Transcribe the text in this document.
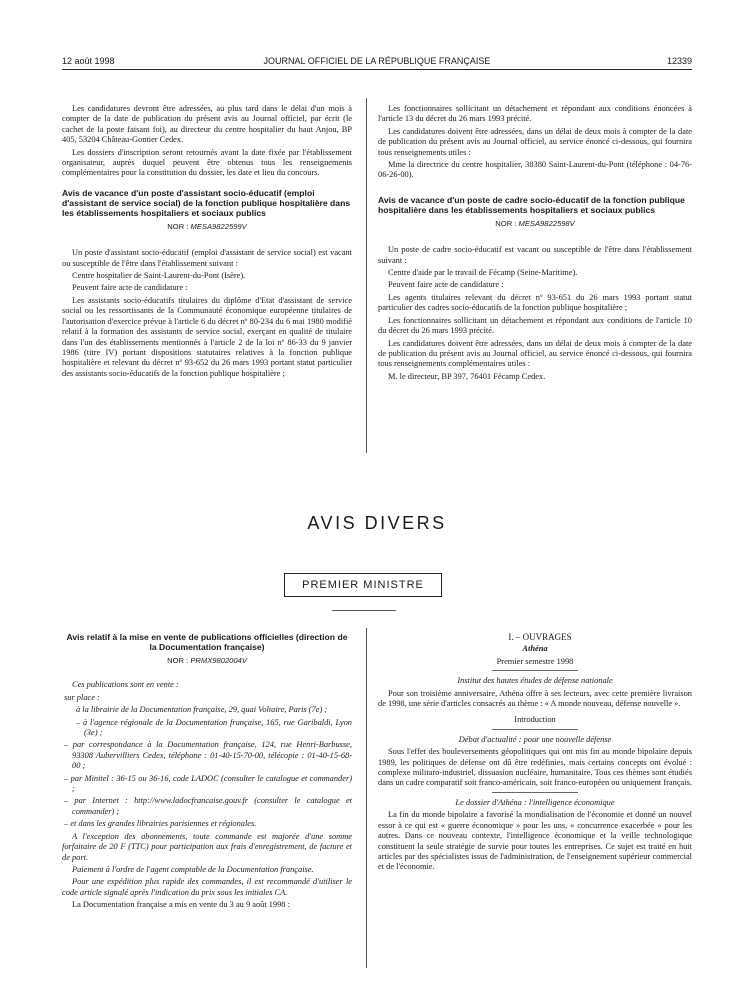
12 août 1998	JOURNAL OFFICIEL DE LA RÉPUBLIQUE FRANÇAISE	12339

Les candidatures devront être adressées, au plus tard dans le délai d'un mois à compter de la date de publication du présent avis au Journal officiel, par écrit (le cachet de la poste faisant foi), au directeur du centre hospitalier du haut Anjou, BP 405, 53204 Château-Gontier Cedex.

Les dossiers d'inscription seront retournés avant la date fixée par l'établissement organisateur, auprès duquel peuvent être obtenus tous les renseignements complémentaires pour la constitution du dossier, les date et lieu du concours.

Avis de vacance d'un poste d'assistant socio-éducatif (emploi d'assistant de service social) de la fonction publique hospitalière dans les établissements hospitaliers et sociaux publics
NOR : MESA9822599V

Un poste d'assistant socio-éducatif (emploi d'assistant de service social) est vacant ou susceptible de l'être dans l'établissement suivant :

Centre hospitalier de Saint-Laurent-du-Pont (Isère).

Peuvent faire acte de candidature :

Les assistants socio-éducatifs titulaires du diplôme d'Etat d'assistant de service social ou les ressortissants de la Communauté économique européenne titulaires de l'autorisation d'exercice prévue à l'article 6 du décret nº 80-234 du 6 mai 1980 modifié relatif à la formation des assistants de service social, exerçant en qualité de titulaire dans l'un des établissements mentionnés à l'article 2 de la loi nº 86-33 du 9 janvier 1986 (titre IV) portant dispositions statutaires relatives à la fonction publique hospitalière et relevant du décret nº 93-652 du 26 mars 1993 portant statut particulier des assistants socio-éducatifs de la fonction publique hospitalière ;

Les fonctionnaires sollicitant un détachement et répondant aux conditions énoncées à l'article 13 du décret du 26 mars 1993 précité.

Les candidatures doivent être adressées, dans un délai de deux mois à compter de la date de publication du présent avis au Journal officiel, au service énoncé ci-dessous, qui fournira tous renseignements utiles :

Mme la directrice du centre hospitalier, 38380 Saint-Laurent-du-Pont (téléphone : 04-76-06-26-00).

Avis de vacance d'un poste de cadre socio-éducatif de la fonction publique hospitalière dans les établissements hospitaliers et sociaux publics
NOR : MESA9822598V

Un poste de cadre socio-éducatif est vacant ou susceptible de l'être dans l'établissement suivant :

Centre d'aide par le travail de Fécamp (Seine-Maritime).

Peuvent faire acte de candidature :

Les agents titulaires relevant du décret nº 93-651 du 26 mars 1993 portant statut particulier des cadres socio-éducatifs de la fonction publique hospitalière ;

Les fonctionnaires sollicitant un détachement et répondant aux conditions de l'article 10 du décret du 26 mars 1993 précité.

Les candidatures doivent être adressées, dans un délai de deux mois à compter de la date de publication du présent avis au Journal officiel, au service énoncé ci-dessous, qui fournira tous renseignements complémentaires utiles :

M. le directeur, BP 397, 76401 Fécamp Cedex.

AVIS DIVERS
PREMIER MINISTRE
Avis relatif à la mise en vente de publications officielles (direction de la Documentation française)
NOR : PRMX9802004V

Ces publications sont en vente :

sur place :

à la librairie de la Documentation française, 29, quai Voltaire, Paris (7e) ;

– à l'agence régionale de la Documentation française, 165, rue Garibaldi, Lyon (3e) ;

– par correspondance à la Documentation française, 124, rue Henri-Barbusse, 93308 Aubervilliers Cedex, téléphone : 01-40-15-70-00, télécopie : 01-40-15-68-00 ;

– par Minitel : 36-15 ou 36-16, code LADOC (consulter le catalogue et commander) ;

– par Internet : http://www.ladocfrancaise.gouv.fr (consulter le catalogue et commander) ;

– et dans les grandes librairies parisiennes et régionales.

A l'exception des abonnements, toute commande est majorée d'une somme forfaitaire de 20 F (TTC) pour participation aux frais d'enregistrement, de facture et de port.

Paiement à l'ordre de l'agent comptable de la Documentation française.

Pour une expédition plus rapide des commandes, il est recommandé d'utiliser le code article signalé après l'indication du prix sous les initiales CA.

La Documentation française a mis en vente du 3 au 9 août 1998 :

I. – OUVRAGES

Athéna

Premier semestre 1998

Institut des hautes études de défense nationale

Pour son troisième anniversaire, Athéna offre à ses lecteurs, avec cette première livraison de 1998, une série d'articles consacrés au thème : « A monde nouveau, défense nouvelle ».

Introduction

Débat d'actualité : pour une nouvelle défense

Sous l'effet des bouleversements géopolitiques qui ont mis fin au monde bipolaire depuis 1989, les politiques de défense ont dû être redéfinies, mais certains concepts ont évolué : complexe militaro-industriel, dissuasion nucléaire, humanitaire. Tous ces thèmes sont étudiés dans un cadre comparatif soit franco-américain, soit franco-européen ou uniquement français.

Le dossier d'Athéna : l'intelligence économique

La fin du monde bipolaire a favorisé la mondialisation de l'économie et donné un nouvel essor à ce qui est « guerre économique » pour les uns, « concurrence exacerbée » pour les autres. Dans ce nouveau contexte, l'intelligence économique et la veille technologique constituent la seule stratégie de survie pour toutes les entreprises. Ce sujet est traité en huit articles par des spécialistes issus de l'administration, de l'enseignement supérieur commercial et de l'économie.
